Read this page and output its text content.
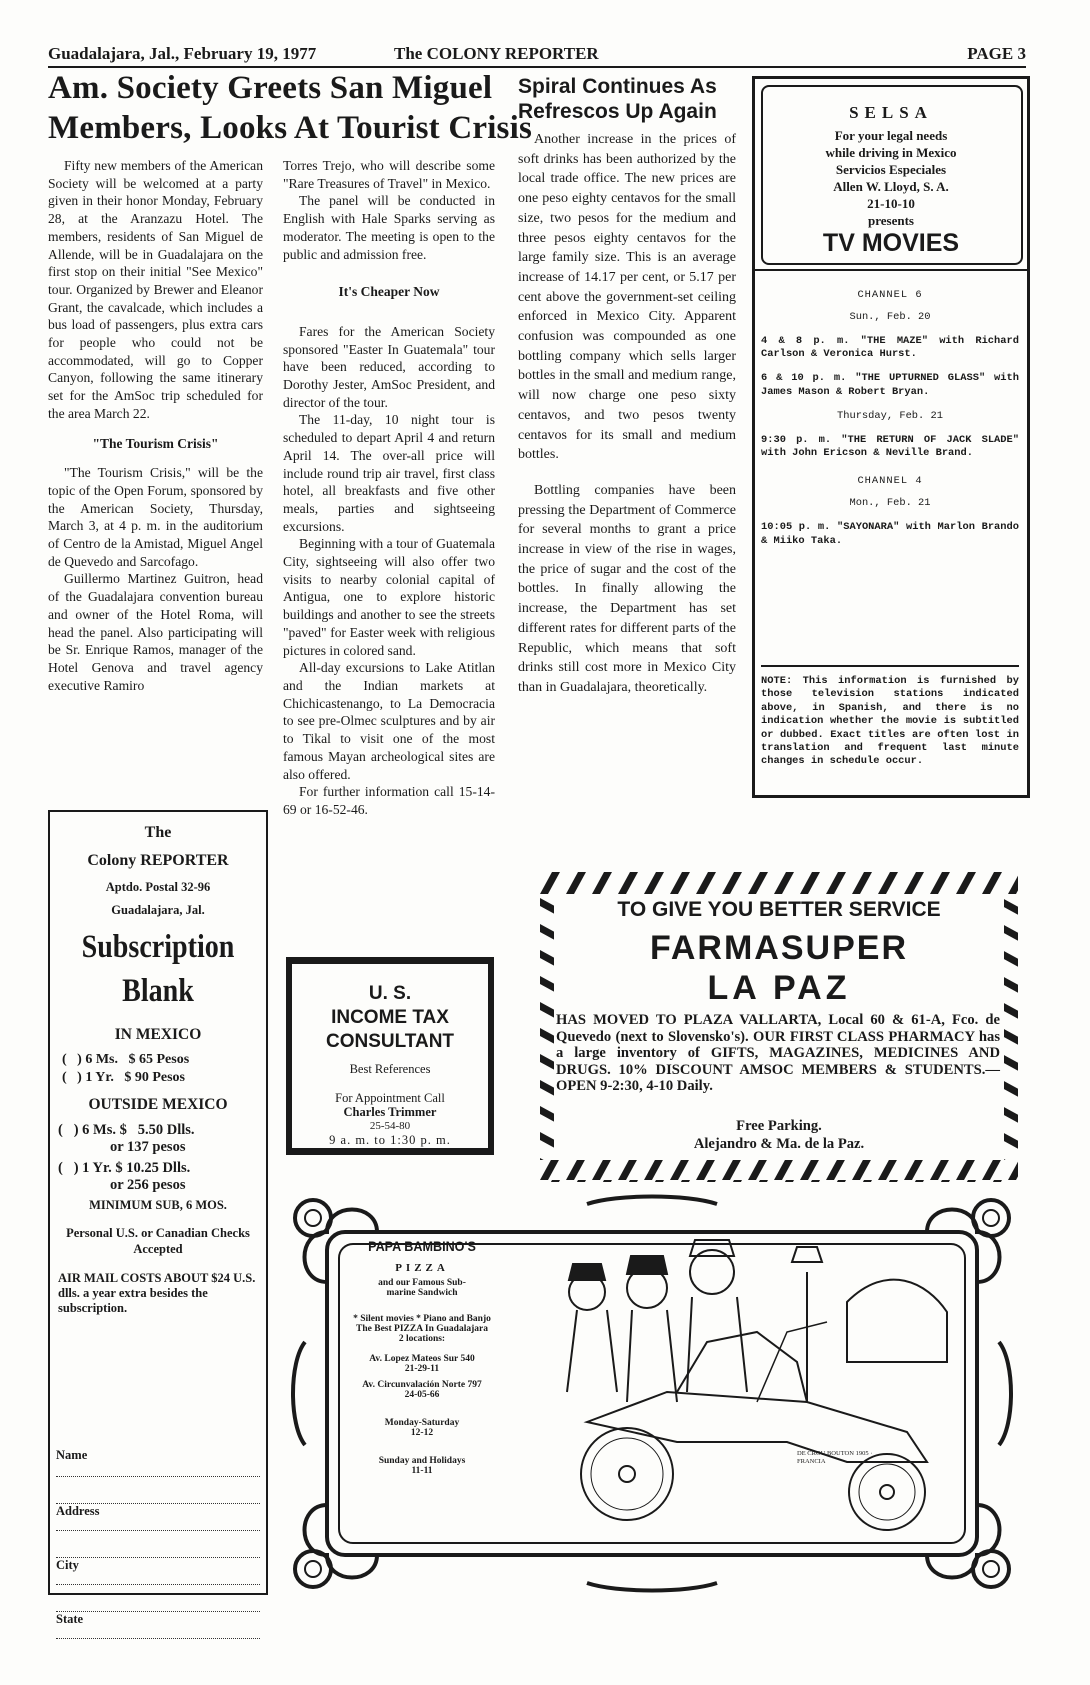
Guadalajara, Jal., February 19, 1977	The COLONY REPORTER	PAGE 3
Am. Society Greets San Miguel
Members, Looks At Tourist Crisis

Fifty new members of the American Society will be welcomed at a party given in their honor Monday, February 28, at the Aranzazu Hotel. The members, residents of San Miguel de Allende, will be in Guadalajara on the first stop on their initial "See Mexico" tour. Organized by Brewer and Eleanor Grant, the cavalcade, which includes a bus load of passengers, plus extra cars for people who could not be accommodated, will go to Copper Canyon, following the same itinerary set for the AmSoc trip scheduled for the area March 22.

"The Tourism Crisis"

"The Tourism Crisis," will be the topic of the Open Forum, sponsored by the American Society, Thursday, March 3, at 4 p. m. in the auditorium of Centro de la Amistad, Miguel Angel de Quevedo and Sarcofago.

Guillermo Martinez Guitron, head of the Guadalajara convention bureau and owner of the Hotel Roma, will head the panel. Also participating will be Sr. Enrique Ramos, manager of the Hotel Genova and travel agency executive Ramiro

Torres Trejo, who will describe some "Rare Treasures of Travel" in Mexico.

The panel will be conducted in English with Hale Sparks serving as moderator. The meeting is open to the public and admission free.

It's Cheaper Now

Fares for the American Society sponsored "Easter In Guatemala" tour have been reduced, according to Dorothy Jester, AmSoc President, and director of the tour.

The 11-day, 10 night tour is scheduled to depart April 4 and return April 14. The over-all price will include round trip air travel, first class hotel, all breakfasts and five other meals, parties and sightseeing excursions.

Beginning with a tour of Guatemala City, sightseeing will also offer two visits to nearby colonial capital of Antigua, one to explore historic buildings and another to see the streets "paved" for Easter week with religious pictures in colored sand.

All-day excursions to Lake Atitlan and the Indian markets at Chichicastenango, to La Democracia to see pre-Olmec sculptures and by air to Tikal to visit one of the most famous Mayan archeological sites are also offered.

For further information call 15-14-69 or 16-52-46.

Spiral Continues As Refrescos Up Again

Another increase in the prices of soft drinks has been authorized by the local trade office. The new prices are one peso eighty centavos for the small size, two pesos for the medium and three pesos eighty centavos for the large family size. This is an average increase of 14.17 per cent, or 5.17 per cent above the government-set ceiling enforced in Mexico City. Apparent confusion was compounded as one bottling company which sells larger bottles in the small and medium range, will now charge one peso sixty centavos, and two pesos twenty centavos for its small and medium bottles.

Bottling companies have been pressing the Department of Commerce for several months to grant a price increase in view of the rise in wages, the price of sugar and the cost of the bottles. In finally allowing the increase, the Department has set different rates for different parts of the Republic, which means that soft drinks still cost more in Mexico City than in Guadalajara, theoretically.

SELSA
For your legal needs
while driving in Mexico
Servicios Especiales
Allen W. Lloyd, S. A.
21-10-10
presents
TV MOVIES

CHANNEL 6

Sun., Feb. 20

4 & 8 p. m. "THE MAZE" with Richard Carlson & Veronica Hurst.

6 & 10 p. m. "THE UPTURNED GLASS" with James Mason & Robert Bryan.

Thursday, Feb. 21

9:30 p. m. "THE RETURN OF JACK SLADE" with John Ericson & Neville Brand.

CHANNEL 4

Mon., Feb. 21

10:05 p. m. "SAYONARA" with Marlon Brando & Miiko Taka.

NOTE: This information is furnished by those television stations indicated above, in Spanish, and there is no indication whether the movie is subtitled or dubbed. Exact titles are often lost in translation and frequent last minute changes in schedule occur.
The
Colony REPORTER
Aptdo. Postal 32-96
Guadalajara, Jal.
Subscription
Blank
IN MEXICO
(   ) 6 Ms.   $ 65 Pesos
(   ) 1 Yr.   $ 90 Pesos
OUTSIDE MEXICO
(   ) 6 Ms. $   5.50 Dlls.
or 137 pesos
(   ) 1 Yr. $ 10.25 Dlls.
or 256 pesos
MINIMUM SUB, 6 MOS.
Personal U.S. or Canadian Checks Accepted
AIR MAIL COSTS ABOUT $24 U.S. dlls. a year extra besides the subscription.
Name
Address
City
State
U. S.
INCOME TAX
CONSULTANT
Best References
For Appointment Call
Charles Trimmer
25-54-80
9 a. m. to 1:30 p. m.
TO GIVE YOU BETTER SERVICE
FARMASUPER
LA PAZ
HAS MOVED TO PLAZA VALLARTA, Local 60 & 61-A, Fco. de Quevedo (next to Slovensko's). OUR FIRST CLASS PHARMACY has a large inventory of GIFTS, MAGAZINES, MEDICINES AND DRUGS. 10% DISCOUNT AMSOC MEMBERS & STUDENTS.— OPEN 9-2:30, 4-10 Daily.
Free Parking.
Alejandro & Ma. de la Paz.
PAPA BAMBINO'S
PIZZA
and our Famous Sub-
marine Sandwich
* Silent movies * Piano and Banjo
The Best PIZZA In Guadalajara
2 locations:
Av. Lopez Mateos Sur 540
21-29-11
Av. Circunvalación Norte 797
24-05-66
Monday-Saturday
12-12
Sunday and Holidays
11-11
DE CROU BOUTON 1905 · FRANCIA
